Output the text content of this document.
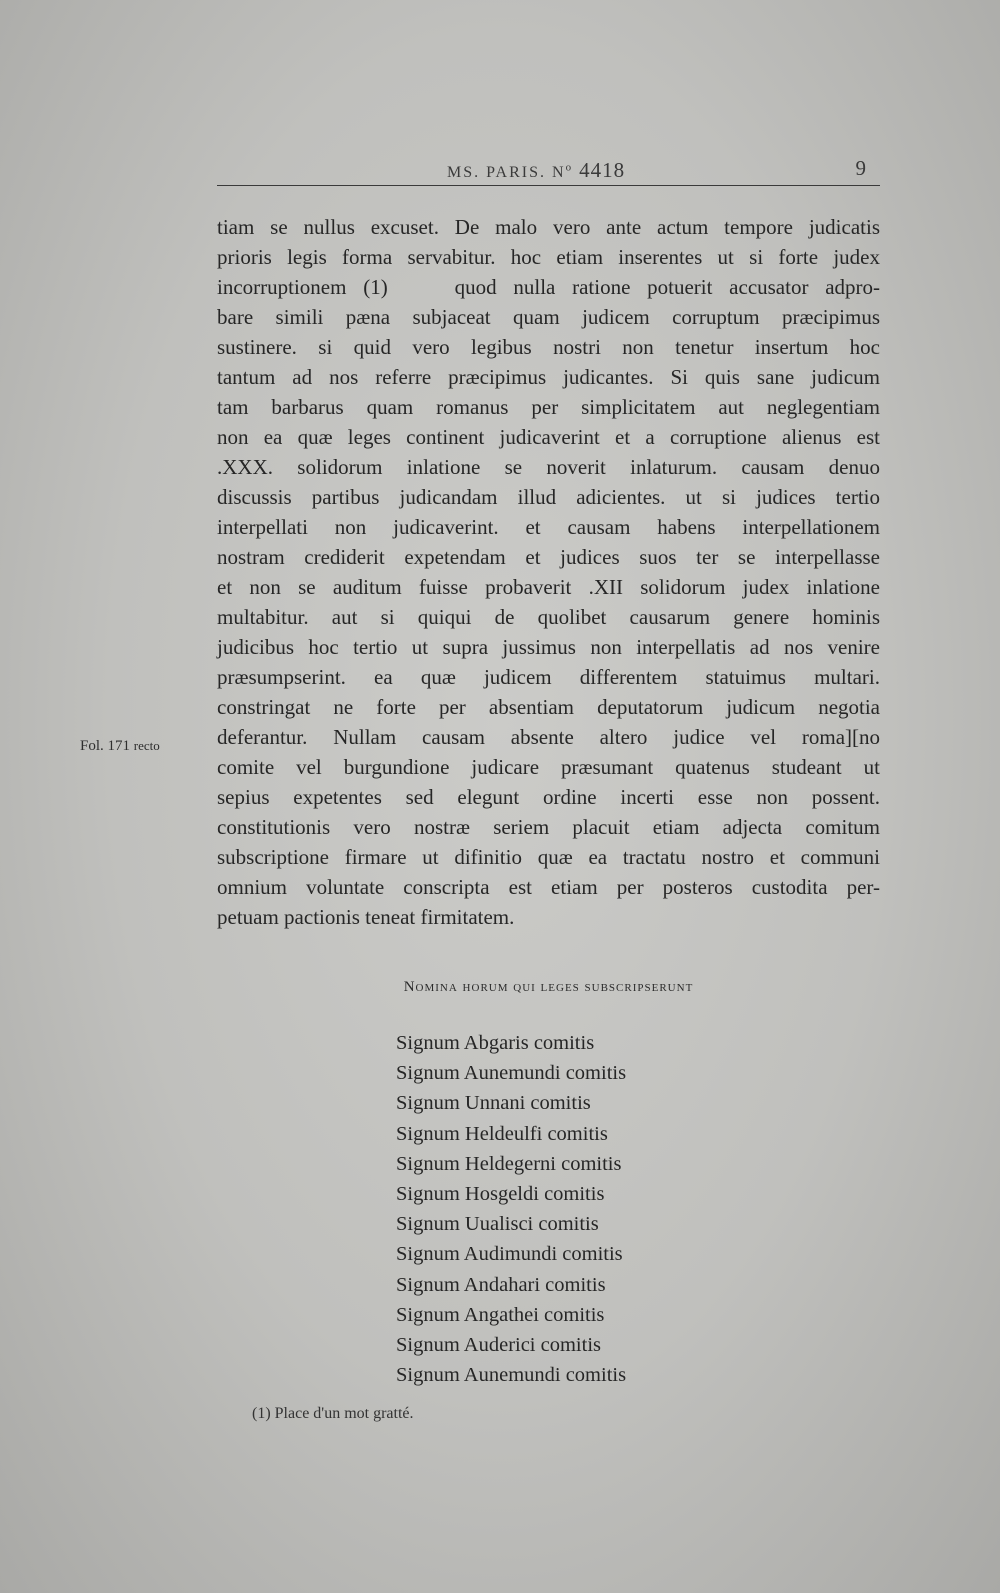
MS. PARIS. $N^o$ 4418	9
tiam se nullus excuset. De malo vero ante actum tempore judicatis
prioris legis forma servabitur. hoc etiam inserentes ut si forte judex
incorruptionem (1)    quod nulla ratione potuerit accusator adpro-
bare simili pæna subjaceat quam judicem corruptum præcipimus
sustinere. si quid vero legibus nostri non tenetur insertum hoc
tantum ad nos referre præcipimus judicantes. Si quis sane judicum
tam barbarus quam romanus per simplicitatem aut neglegentiam
non ea quæ leges continent judicaverint et a corruptione alienus est
.XXX. solidorum inlatione se noverit inlaturum. causam denuo
discussis partibus judicandam illud adicientes. ut si judices tertio
interpellati non judicaverint. et causam habens interpellationem
nostram crediderit expetendam et judices suos ter se interpellasse
et non se auditum fuisse probaverit .XII solidorum judex inlatione
multabitur. aut si quiqui de quolibet causarum genere hominis
judicibus hoc tertio ut supra jussimus non interpellatis ad nos venire
præsumpserint. ea quæ judicem differentem statuimus multari.
constringat ne forte per absentiam deputatorum judicum negotia
deferantur. Nullam causam absente altero judice vel roma][no
comite vel burgundione judicare præsumant quatenus studeant ut
sepius expetentes sed elegunt ordine incerti esse non possent.
constitutionis vero nostræ seriem placuit etiam adjecta comitum
subscriptione firmare ut difinitio quæ ea tractatu nostro et communi
omnium voluntate conscripta est etiam per posteros custodita per-
petuam pactionis teneat firmitatem.
Fol. 171 recto
Nomina horum qui leges subscripserunt
Signum Abgaris comitis
Signum Aunemundi comitis
Signum Unnani comitis
Signum Heldeulfi comitis
Signum Heldegerni comitis
Signum Hosgeldi comitis
Signum Uualisci comitis
Signum Audimundi comitis
Signum Andahari comitis
Signum Angathei comitis
Signum Auderici comitis
Signum Aunemundi comitis
(1) Place d'un mot gratté.
